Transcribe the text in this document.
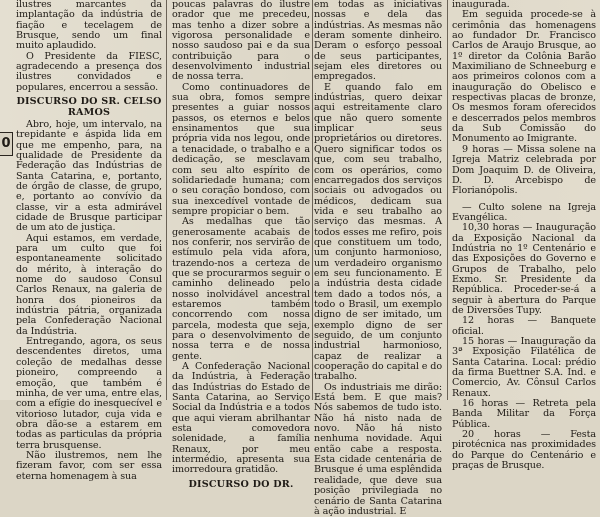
0

ilustres marcantes da implantação da indústria de fiação e tecelagem de Brusque, sendo um final muito aplaudido.

O Presidente da FIESC, agradecendo a presença dos ilustres convidados e populares, encerrou a sessão.

DISCURSO DO SR. CELSO RAMOS

Abro, hoje, um intervalo, na trepidante e áspida lida em que me empenho, para, na qualidade de Presidente da Federação das Indústrias de Santa Catarina, e, portanto, de órgão de classe, de grupo, e, portanto ao convívio da classe, vir a esta admirável cidade de Brusque participar de um ato de justiça.

Aqui estamos, em verdade, para um culto que foi espontaneamente solicitado do mérito, à interação do nome do saudoso Consul Carlos Renaux, na galeria de honra dos pioneiros da indústria pátria, organizada pela Confederação Nacional da Indústria.

Entregando, agora, os seus descendentes diretos, uma coleção de medalhas desse pioneiro, compreendo a emoção, que também é minha, de ver uma, entre elas, com a efígie do inesquecível e vitorioso lutador, cuja vida e obra dão-se a estarem em todas as particulas da própria terra brusquense.

Não ilustremos, nem lhe fizeram favor, com ser essa eterna homenagem à sua

poucas palavras do ilustre orador que me precedeu, mas tenho a dizer sobre a vigorosa personalidade e nosso saudoso pai e da sua contribuição para o desenvolvimento industrial de nossa terra.

Como continuadores de sua obra, fomos sempre presentes a guiar nossos passos, os eternos e belos ensinamentos que sua própria vida nos legou, onde a tenacidade, o trabalho e a dedicação, se mesclavam com seu alto espírito de solidariedade humana; com o seu coração bondoso, com sua inexcedível vontade de sempre propiciar o bem.

As medalhas que tão generosamente acabais de nos conferir, nos servirão de estímulo pela vida afora, trazendo-nos a certeza de que se procurarmos seguir o caminho delineado pelo nosso inolvidável ancestral estaremos também concorrendo com nossa parcela, modesta que seja, para o desenvolvimento de nossa terra e de nossa gente.

A Confederação Nacional da Indústria, à Federação das Indústrias do Estado de Santa Catarina, ao Serviço Social da Indústria e a todos que aqui vieram abrilhantar esta comovedora solenidade, a família Renaux, por meu intermédio, apresenta sua imorredoura gratidão.

DISCURSO DO DR.

em todas as iniciativas nossas e dela das indústrias. As mesmas não deram somente dinheiro. Deram o esforço pessoal de seus participantes, sejam eles diretores ou empregados.

E quando falo em indústrias, quero deixar aqui estreitamente claro que não quero somente implicar seus proprietários ou diretores. Quero significar todos os que, com seu trabalho, com os operários, como encarregados dos serviços sociais ou advogados ou médicos, dedicam sua vida e seu trabalho ao serviço das mesmas. A todos esses me refiro, pois que constituem um todo, um conjunto harmonioso, um verdadeiro organismo em seu funcionamento. E a indústria desta cidade tem dado a todos nós, a todo o Brasil, um exemplo digno de ser imitado, um exemplo digno de ser seguido, de um conjunto industrial harmonioso, capaz de realizar a cooperação do capital e do trabalho.

Os industriais me dirão: Está bem. E que mais? Nós sabemos de tudo isto. Não há nisto nada de novo. Não há nisto nenhuma novidade. Aqui então cabe a resposta. Esta cidade centenária de Brusque é uma esplêndida realidade, que deve sua posição privilegiada no cenário de Santa Catarina à ação industrial. E

inaugurada.

Em seguida procede-se à cerimônia das homenagens ao fundador Dr. Francisco Carlos de Araujo Brusque, ao 1º diretor da Colônia Barão Maximiliano de Schneeburg e aos primeiros colonos com a inauguração do Obelisco e respectivas placas de bronze, Os mesmos foram oferecidos e descerrados pelos membros da Sub Comissão do Monumento ao Imigrante.

9 horas — Missa solene na Igreja Matriz celebrada por Dom Joaquim D. de Oliveira, D. D. Arcebispo de Florianópolis.

— Culto solene na Igreja Evangélica.

10,30 horas — Inauguração da Exposição Nacional da Indústria no 1º Centenário e das Exposições do Governo e Grupos de Trabalho, pelo Exmo. Sr. Presidente da República. Proceder-se-á a seguir à abertura do Parque de Diversões Tupy.

12 horas — Banquete oficial.

15 horas — Inauguração da 3ª Exposição Filatélica de Santa Catarina. Local: prédio da firma Buettner S.A. Ind. e Comercio, Av. Cônsul Carlos Renaux.

16 horas — Retreta pela Banda Militar da Força Pública.

20 horas — Festa pirotécnica nas proximidades do Parque do Centenário e praças de Brusque.
